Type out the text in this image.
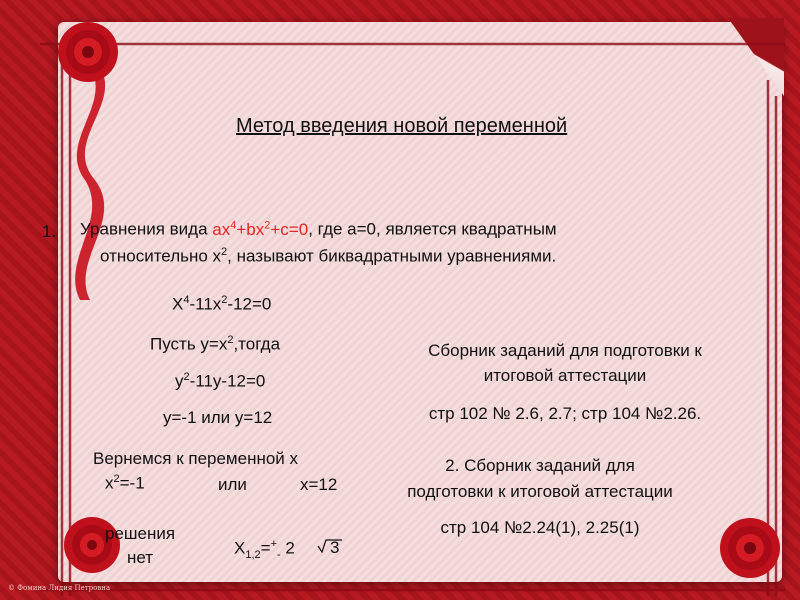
Метод введения новой переменной
1. Уравнения вида $ax^4+bx^2+c=0$, где а=0, является квадратным
относительно $х^2$, называют биквадратными уравнениями.
$X^4-11x^2-12=0$
Пусть $y=x^2,тогда$
$y^2-11y-12=0$
y=-1 или y=12
Вернемся к переменной х
$x^2=-1$	или	x=12
решения
нет	$X_{1,2}=^+_-$ 2 3
Сборник заданий для подготовки к
итоговой аттестации
стр 102 № 2.6, 2.7; стр 104 №2.26.
2. Сборник заданий для
подготовки к итоговой аттестации
стр 104 №2.24(1), 2.25(1)
© Фомина Лидия Петровна
